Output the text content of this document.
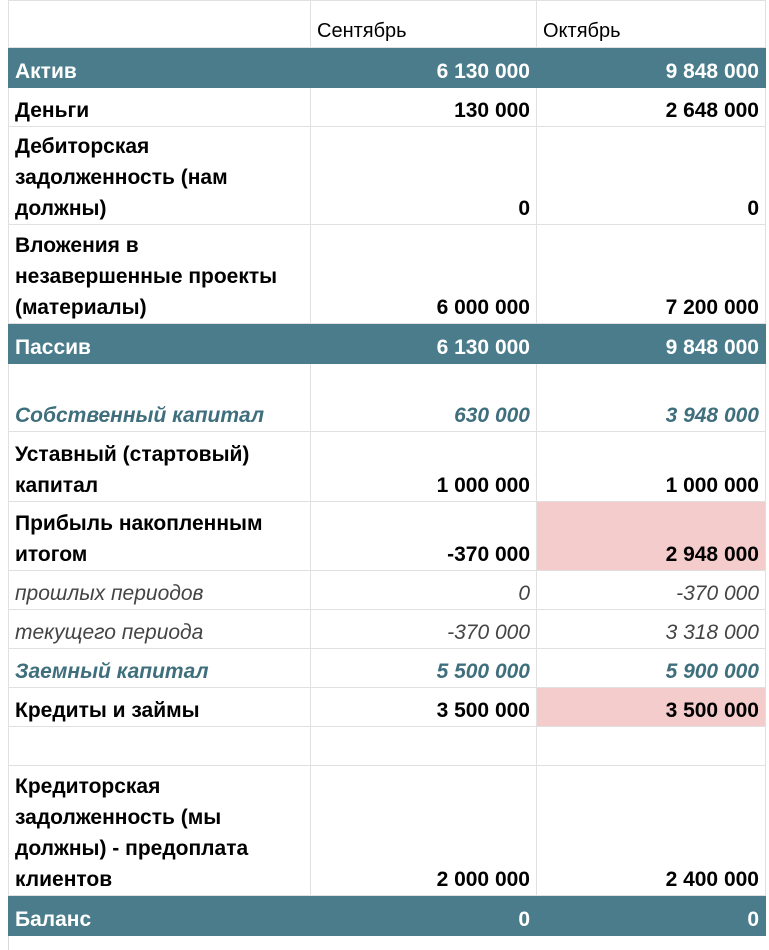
	Сентябрь	Октябрь
Актив	6 130 000	9 848 000
Деньги	130 000	2 648 000
Дебиторская задолженность (нам должны)	0	0
Вложения в незавершенные проекты (материалы)	6 000 000	7 200 000
Пассив	6 130 000	9 848 000
Собственный капитал	630 000	3 948 000
Уставный (стартовый) капитал	1 000 000	1 000 000
Прибыль накопленным итогом	-370 000	2 948 000
прошлых периодов	0	-370 000
текущего периода	-370 000	3 318 000
Заемный капитал	5 500 000	5 900 000
Кредиты и займы	3 500 000	3 500 000

Кредиторская задолженность (мы должны) - предоплата клиентов	2 000 000	2 400 000
Баланс	0	0
